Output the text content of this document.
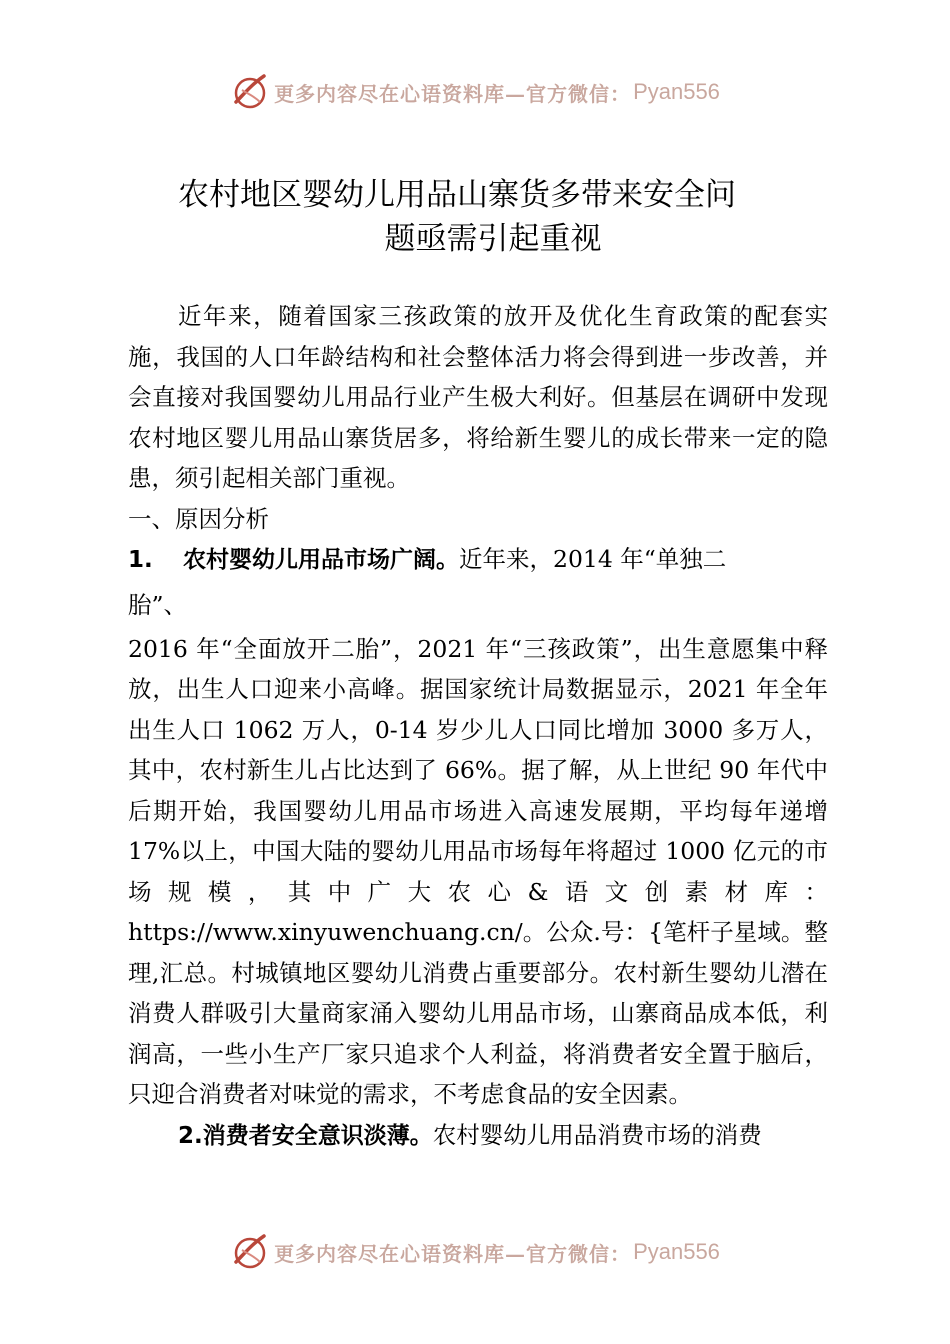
更多内容尽在心语资料库—官方微信： Pyan556
农村地区婴幼儿用品山寨货多带来安全问
题亟需引起重视

近年来，随着国家三孩政策的放开及优化生育政策的配套实施，我国的人口年龄结构和社会整体活力将会得到进一步改善，并会直接对我国婴幼儿用品行业产生极大利好。但基层在调研中发现农村地区婴儿用品山寨货居多，将给新生婴儿的成长带来一定的隐患，须引起相关部门重视。

一、原因分析

1. 农村婴幼儿用品市场广阔。近年来，2014 年“单独二

胎”、

2016 年“全面放开二胎”，2021 年“三孩政策”，出生意愿集中释放，出生人口迎来小高峰。据国家统计局数据显示，2021 年全年出生人口 1062 万人，0-14 岁少儿人口同比增加 3000 多万人，其中，农村新生儿占比达到了 66%。据了解，从上世纪 90 年代中后期开始，我国婴幼儿用品市场进入高速发展期，平均每年递增 17%以上，中国大陆的婴幼儿用品市场每年将超过 1000 亿元的市场规模，其中广大农心&语文创素材库：https://www.xinyuwenchuang.cn/。公众.号：{笔杆子星域。整理,汇总。村城镇地区婴幼儿消费占重要部分。农村新生婴幼儿潜在消费人群吸引大量商家涌入婴幼儿用品市场，山寨商品成本低，利润高，一些小生产厂家只追求个人利益，将消费者安全置于脑后，只迎合消费者对味觉的需求，不考虑食品的安全因素。

2.消费者安全意识淡薄。农村婴幼儿用品消费市场的消费

更多内容尽在心语资料库—官方微信： Pyan556
